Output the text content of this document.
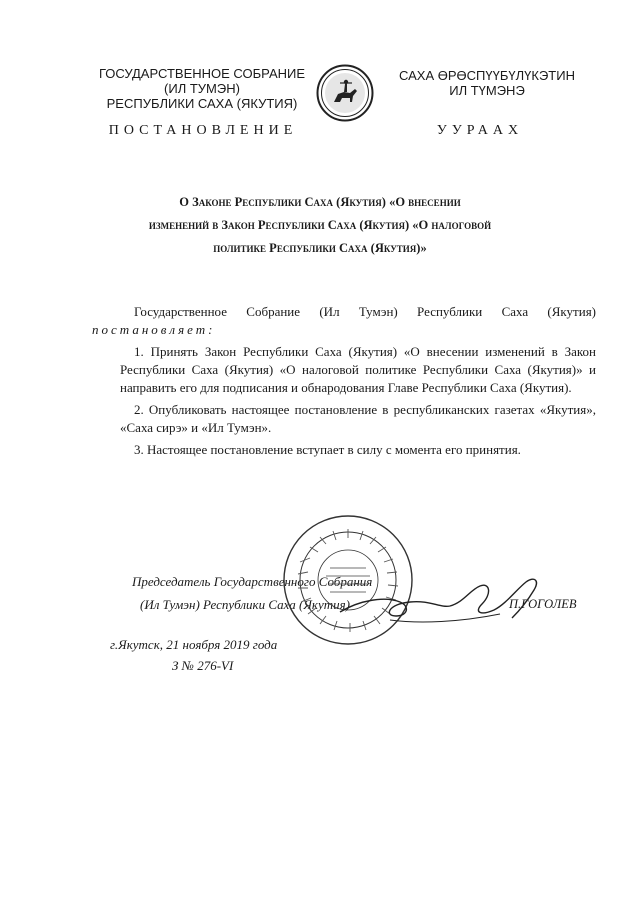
ГОСУДАРСТВЕННОЕ СОБРАНИЕ
(ИЛ ТУМЭН)
РЕСПУБЛИКИ САХА (ЯКУТИЯ)
САХА ӨРӨСПҮҮБҮЛҮКЭТИН
ИЛ ТҮМЭНЭ
ПОСТАНОВЛЕНИЕ	УУРААХ
О Законе Республики Саха (Якутия) «О внесении
изменений в Закон Республики Саха (Якутия) «О налоговой
политике Республики Саха (Якутия)»

Государственное Собрание (Ил Тумэн) Республики Саха (Якутия)

постановляет:

1. Принять Закон Республики Саха (Якутия) «О внесении изменений в Закон Республики Саха (Якутия) «О налоговой политике Республики Саха (Якутия)» и направить его для подписания и обнародования Главе Республики Саха (Якутия).

2. Опубликовать настоящее постановление в республиканских газетах «Якутия», «Саха сирэ» и «Ил Тумэн».

3. Настоящее постановление вступает в силу с момента его принятия.

Председатель Государственного Собрания
(Ил Тумэн) Республики Саха (Якутия)	П.ГОГОЛЕВ
г.Якутск, 21 ноября 2019 года
З № 276-VI
